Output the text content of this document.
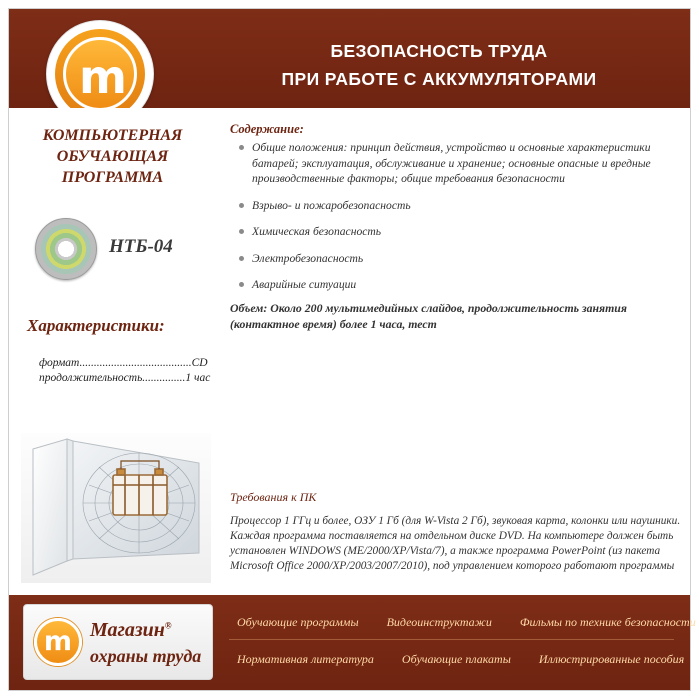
БЕЗОПАСНОСТЬ ТРУДА
ПРИ РАБОТЕ С АККУМУЛЯТОРАМИ
m
КОМПЬЮТЕРНАЯ
ОБУЧАЮЩАЯ
ПРОГРАММА
НТБ-04
Характеристики:
формат.......................................CD
продолжительность...............1 час
Содержание:
Общие положения: принцип действия, устройство и основные характеристики батарей; эксплуатация, обслуживание и хранение; основные опасные и вредные производственные факторы; общие требования безопасности
Взрыво- и пожаробезопасность
Химическая безопасность
Электробезопасность
Аварийные ситуации
Объем: Около 200 мультимедийных слайдов, продолжительность занятия (контактное время) более 1 часа, тест
Требования к ПК
Процессор 1 ГГц и более, ОЗУ 1 Гб (для W-Vista 2 Гб), звуковая карта, колонки или наушники. Каждая программа поставляется на отдельном диске DVD. На компьютере должен быть установлен WINDOWS (ME/2000/XP/Vista/7), а также программа PowerPoint (из пакета Microsoft Office 2000/XP/2003/2007/2010), под управлением которого работают программы
m Магазин®
охраны труда
Обучающие программы	Видеоинструктажи	Фильмы по технике безопасности
Нормативная литература	Обучающие плакаты	Иллюстрированные пособия
